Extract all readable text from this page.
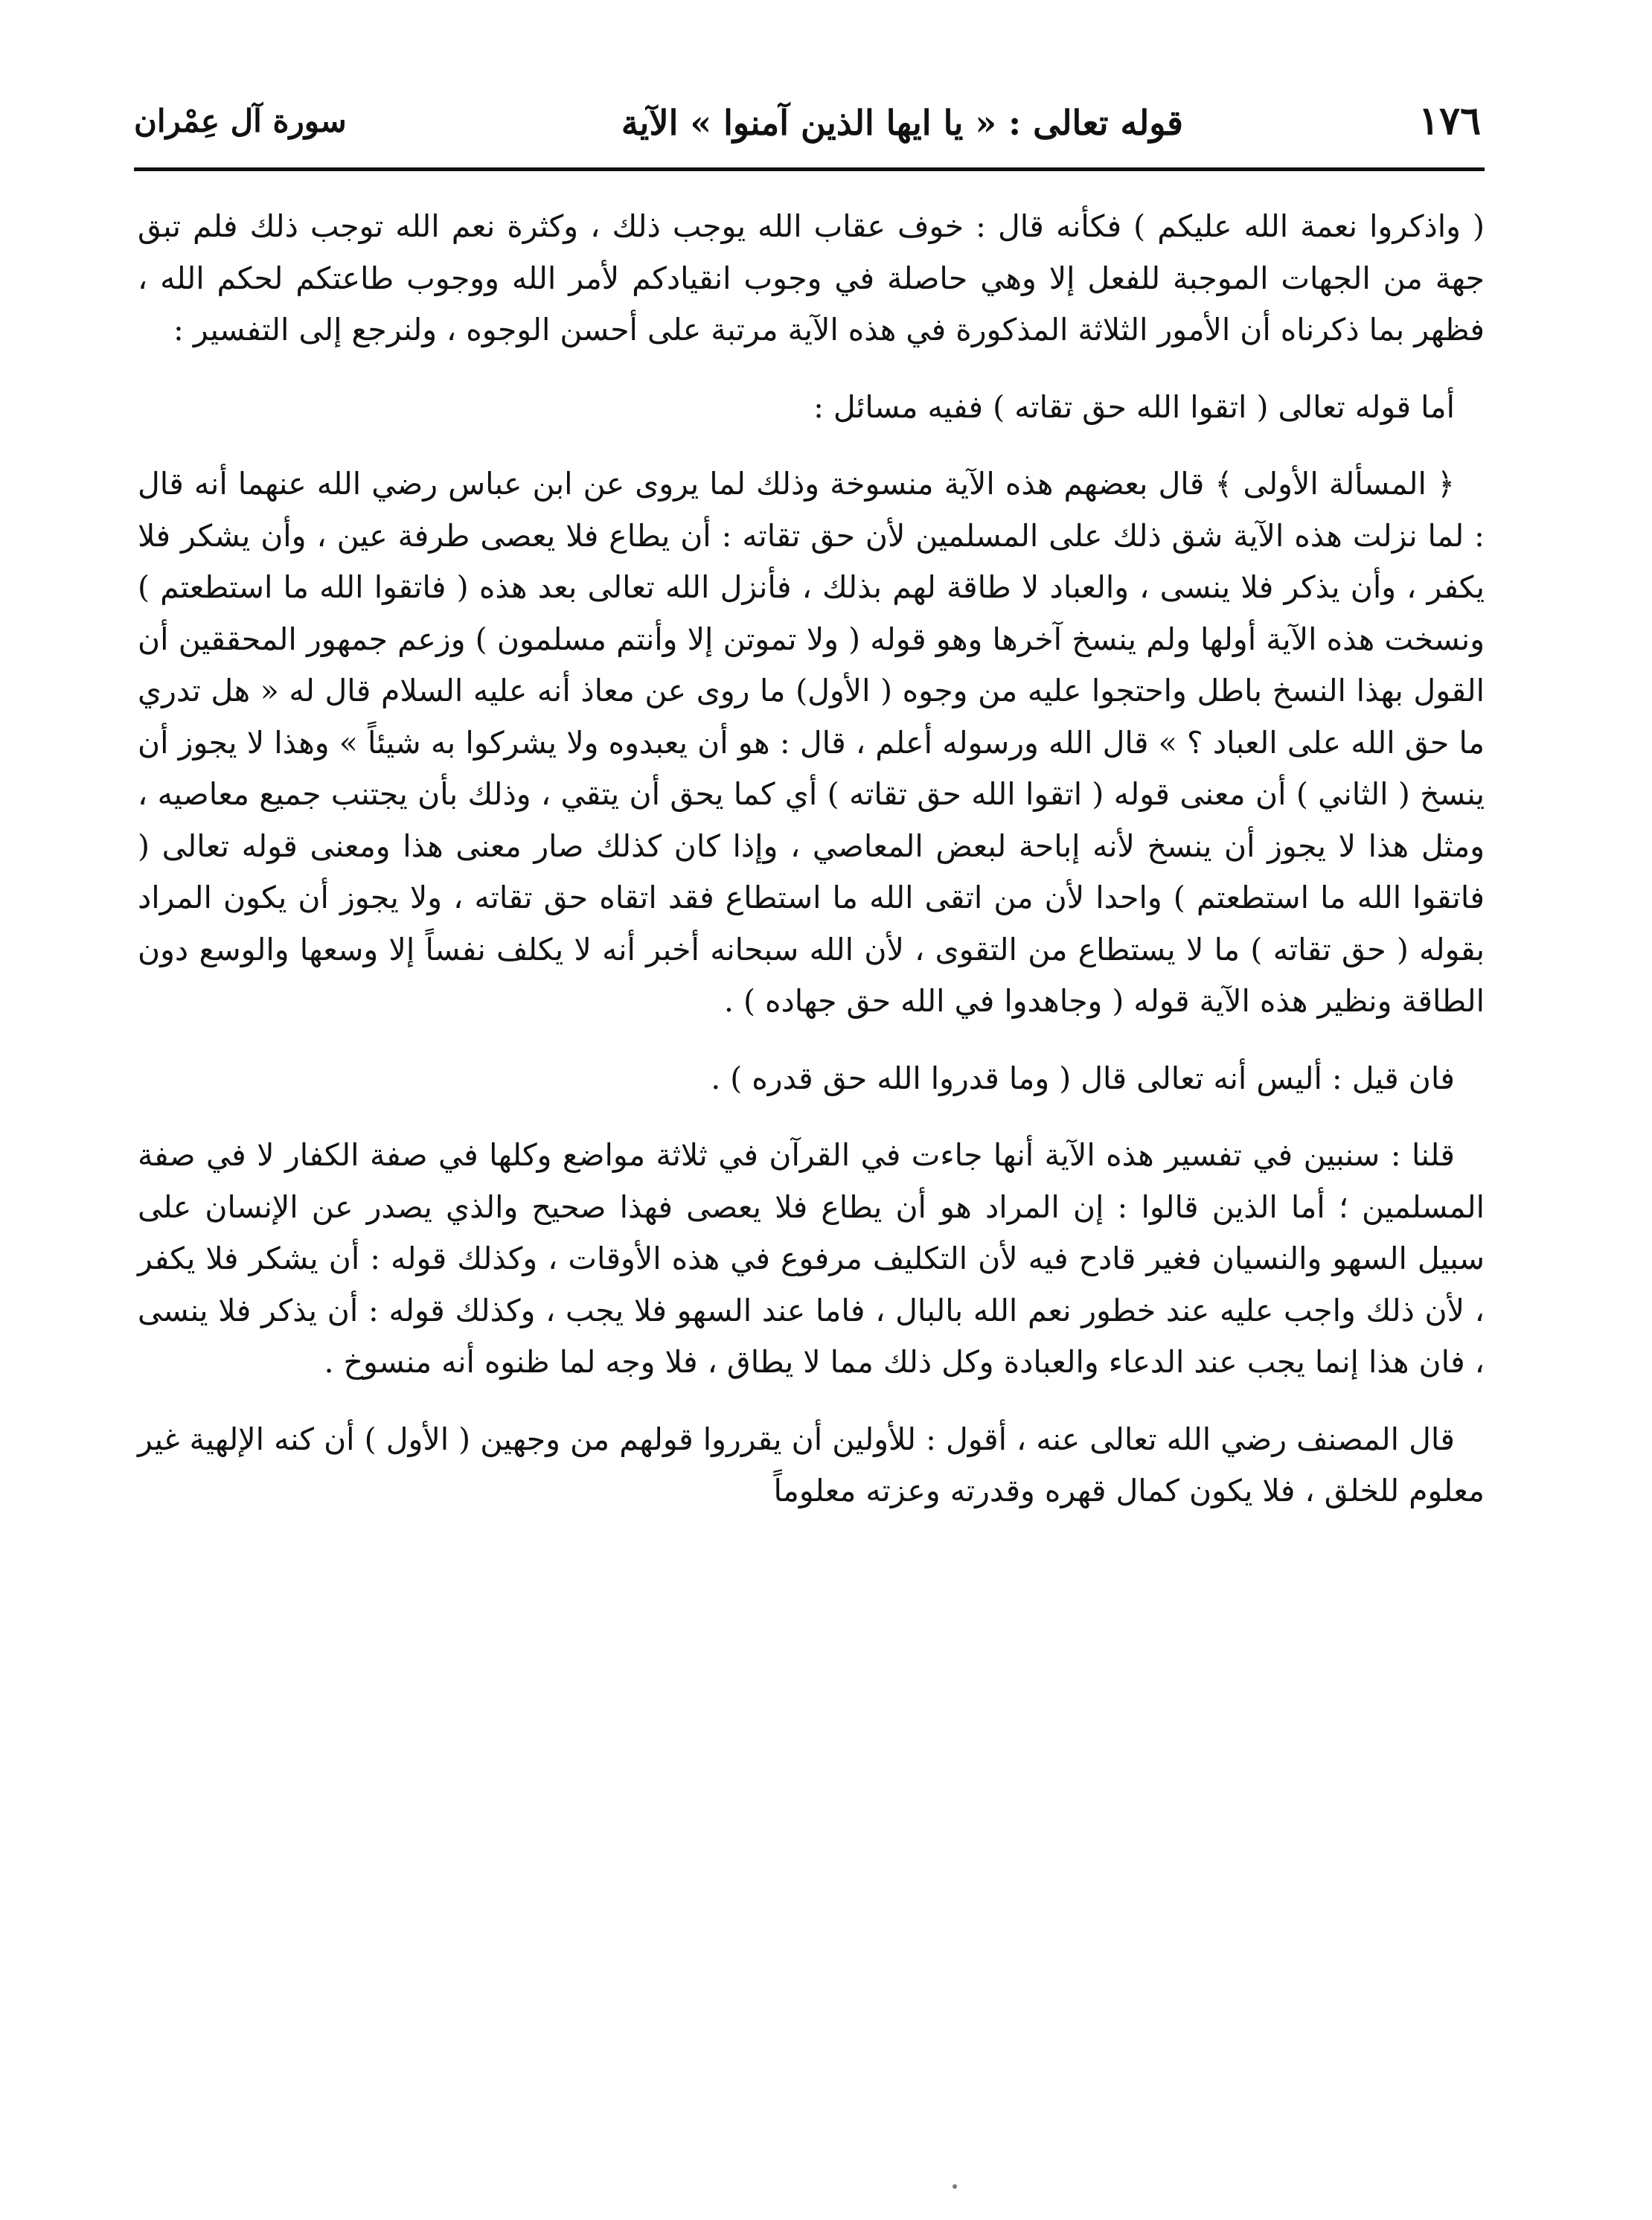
١٧٦
قوله تعالى : « يا ايها الذين آمنوا » الآية
سورة آل عِمْران

( واذكروا نعمة الله عليكم ) فكأنه قال : خوف عقاب الله يوجب ذلك ، وكثرة نعم الله توجب ذلك فلم تبق جهة من الجهات الموجبة للفعل إلا وهي حاصلة في وجوب انقيادكم لأمر الله ووجوب طاعتكم لحكم الله ، فظهر بما ذكرناه أن الأمور الثلاثة المذكورة في هذه الآية مرتبة على أحسن الوجوه ، ولنرجع إلى التفسير :

أما قوله تعالى ( اتقوا الله حق تقاته ) ففيه مسائل :

﴿ المسألة الأولى ﴾ قال بعضهم هذه الآية منسوخة وذلك لما يروى عن ابن عباس رضي الله عنهما أنه قال : لما نزلت هذه الآية شق ذلك على المسلمين لأن حق تقاته : أن يطاع فلا يعصى طرفة عين ، وأن يشكر فلا يكفر ، وأن يذكر فلا ينسى ، والعباد لا طاقة لهم بذلك ، فأنزل الله تعالى بعد هذه ( فاتقوا الله ما استطعتم ) ونسخت هذه الآية أولها ولم ينسخ آخرها وهو قوله ( ولا تموتن إلا وأنتم مسلمون ) وزعم جمهور المحققين أن القول بهذا النسخ باطل واحتجوا عليه من وجوه ( الأول) ما روى عن معاذ أنه عليه السلام قال له « هل تدري ما حق الله على العباد ؟ » قال الله ورسوله أعلم ، قال : هو أن يعبدوه ولا يشركوا به شيئاً » وهذا لا يجوز أن ينسخ ( الثاني ) أن معنى قوله ( اتقوا الله حق تقاته ) أي كما يحق أن يتقي ، وذلك بأن يجتنب جميع معاصيه ، ومثل هذا لا يجوز أن ينسخ لأنه إباحة لبعض المعاصي ، وإذا كان كذلك صار معنى هذا ومعنى قوله تعالى ( فاتقوا الله ما استطعتم ) واحدا لأن من اتقى الله ما استطاع فقد اتقاه حق تقاته ، ولا يجوز أن يكون المراد بقوله ( حق تقاته ) ما لا يستطاع من التقوى ، لأن الله سبحانه أخبر أنه لا يكلف نفساً إلا وسعها والوسع دون الطاقة ونظير هذه الآية قوله ( وجاهدوا في الله حق جهاده ) .

فان قيل : أليس أنه تعالى قال ( وما قدروا الله حق قدره ) .

قلنا : سنبين في تفسير هذه الآية أنها جاءت في القرآن في ثلاثة مواضع وكلها في صفة الكفار لا في صفة المسلمين ؛ أما الذين قالوا : إن المراد هو أن يطاع فلا يعصى فهذا صحيح والذي يصدر عن الإنسان على سبيل السهو والنسيان فغير قادح فيه لأن التكليف مرفوع في هذه الأوقات ، وكذلك قوله : أن يشكر فلا يكفر ، لأن ذلك واجب عليه عند خطور نعم الله بالبال ، فاما عند السهو فلا يجب ، وكذلك قوله : أن يذكر فلا ينسى ، فان هذا إنما يجب عند الدعاء والعبادة وكل ذلك مما لا يطاق ، فلا وجه لما ظنوه أنه منسوخ .

قال المصنف رضي الله تعالى عنه ، أقول : للأولين أن يقرروا قولهم من وجهين ( الأول ) أن كنه الإلهية غير معلوم للخلق ، فلا يكون كمال قهره وقدرته وعزته معلوماً
